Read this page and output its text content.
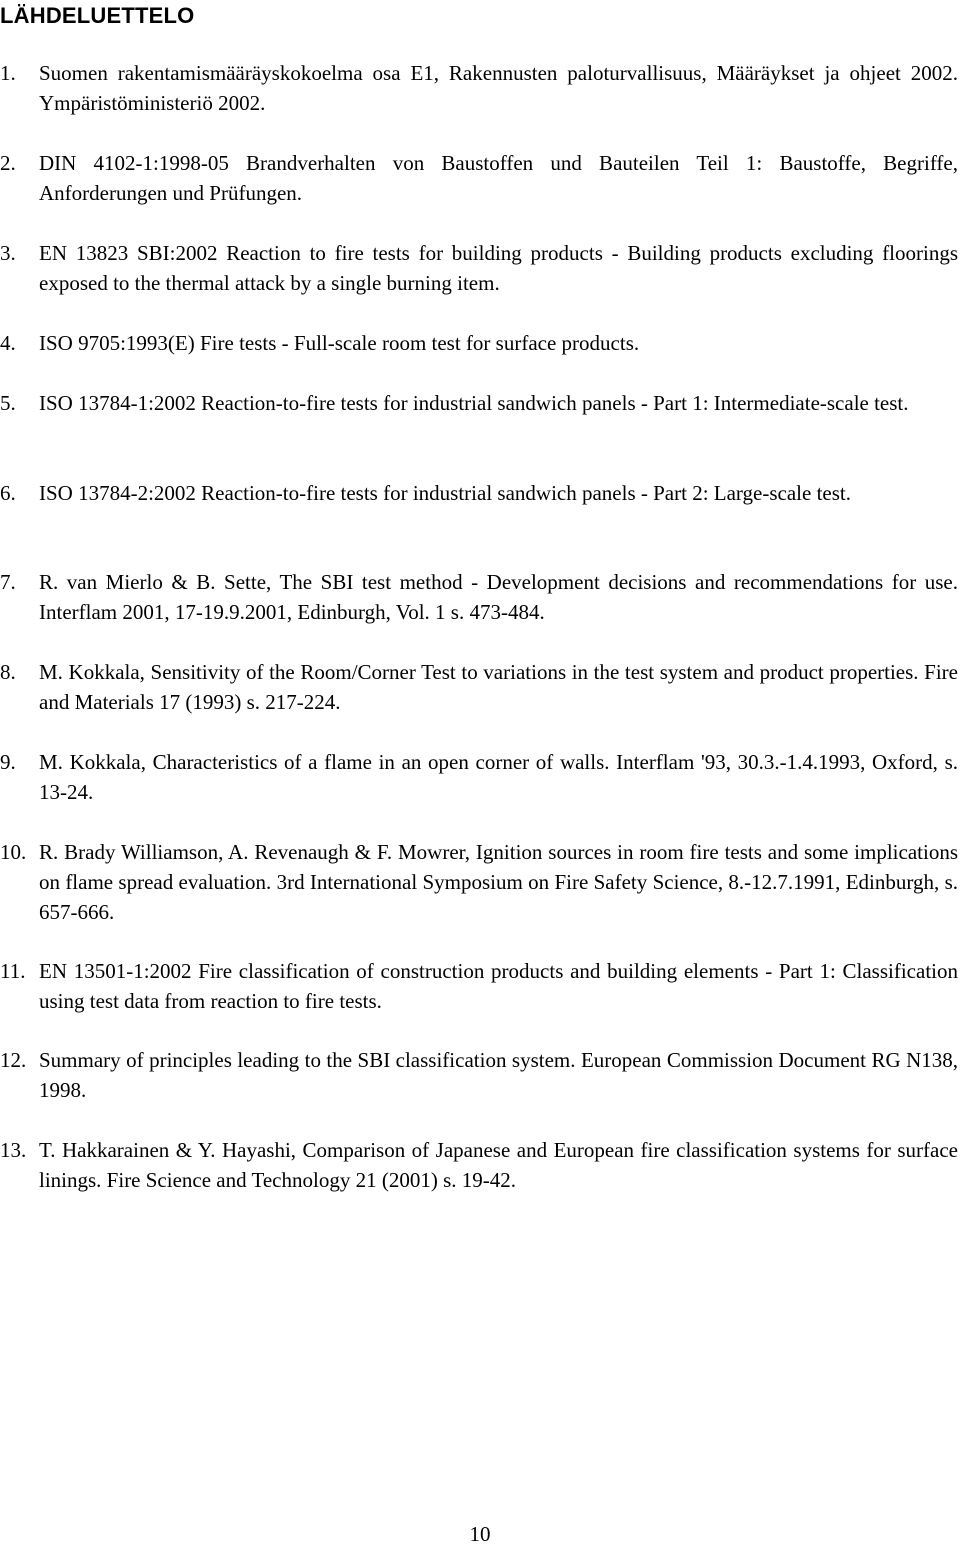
LÄHDELUETTELO
1. Suomen rakentamismääräyskokoelma osa E1, Rakennusten paloturvallisuus, Määräykset ja ohjeet 2002. Ympäristöministeriö 2002.
2. DIN 4102-1:1998-05 Brandverhalten von Baustoffen und Bauteilen Teil 1: Baustoffe, Begriffe, Anforderungen und Prüfungen.
3. EN 13823 SBI:2002 Reaction to fire tests for building products - Building products excluding floorings exposed to the thermal attack by a single burning item.
4. ISO 9705:1993(E) Fire tests - Full-scale room test for surface products.
5. ISO 13784-1:2002 Reaction-to-fire tests for industrial sandwich panels - Part 1: Intermediate-scale test.
6. ISO 13784-2:2002 Reaction-to-fire tests for industrial sandwich panels - Part 2: Large-scale test.
7. R. van Mierlo & B. Sette, The SBI test method - Development decisions and recommendations for use. Interflam 2001, 17-19.9.2001, Edinburgh, Vol. 1 s. 473-484.
8. M. Kokkala, Sensitivity of the Room/Corner Test to variations in the test system and product properties. Fire and Materials 17 (1993) s. 217-224.
9. M. Kokkala, Characteristics of a flame in an open corner of walls. Interflam '93, 30.3.-1.4.1993, Oxford, s. 13-24.
10. R. Brady Williamson, A. Revenaugh & F. Mowrer, Ignition sources in room fire tests and some implications on flame spread evaluation. 3rd International Symposium on Fire Safety Science, 8.-12.7.1991, Edinburgh, s. 657-666.
11. EN 13501-1:2002 Fire classification of construction products and building elements - Part 1: Classification using test data from reaction to fire tests.
12. Summary of principles leading to the SBI classification system. European Commission Document RG N138, 1998.
13. T. Hakkarainen & Y. Hayashi, Comparison of Japanese and European fire classification systems for surface linings. Fire Science and Technology 21 (2001) s. 19-42.
10
